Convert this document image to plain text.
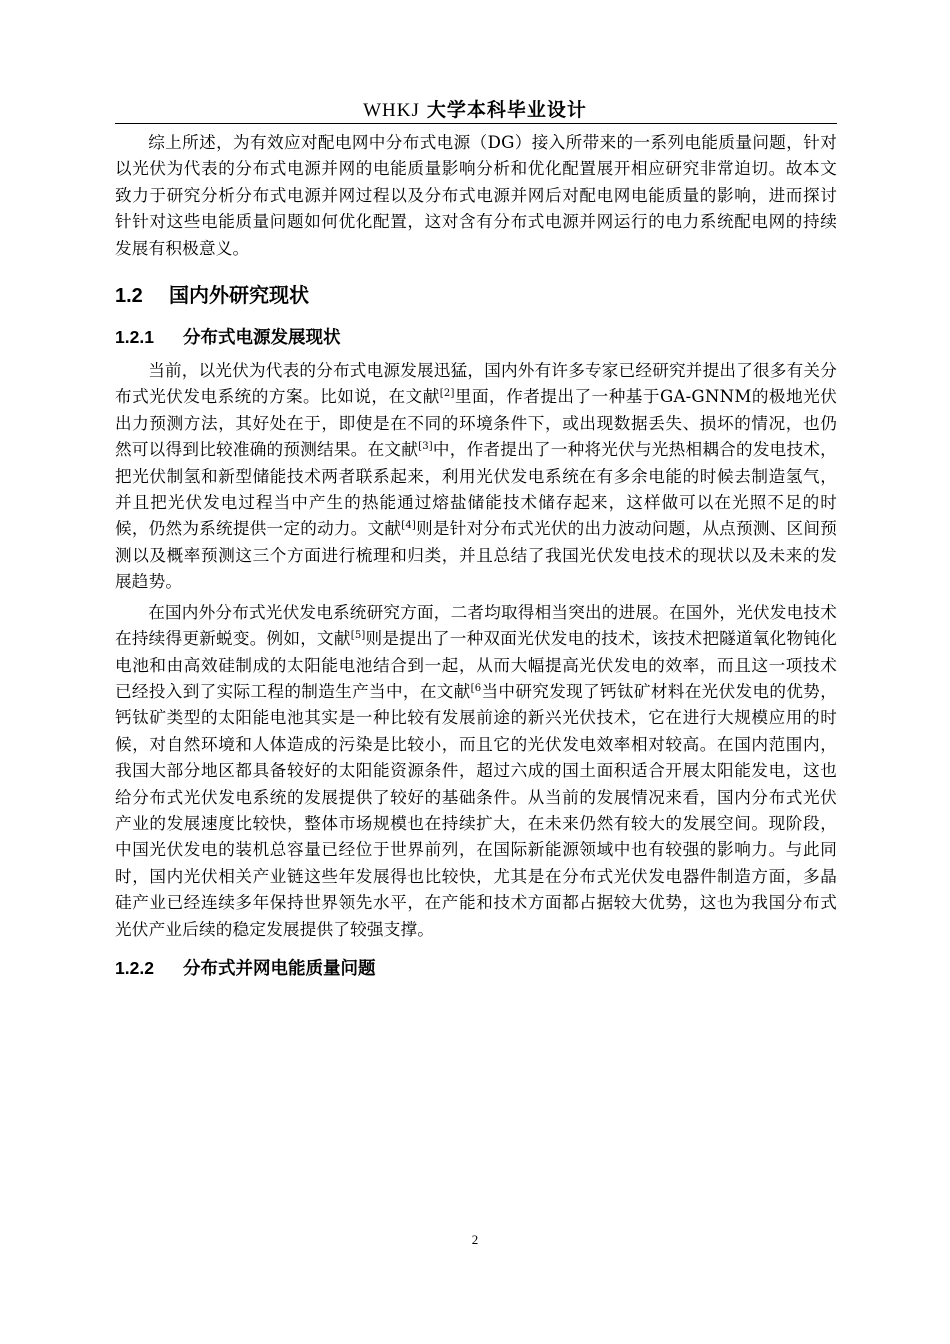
WHKJ 大学本科毕业设计

综上所述，为有效应对配电网中分布式电源（DG）接入所带来的一系列电能质量问题，针对以光伏为代表的分布式电源并网的电能质量影响分析和优化配置展开相应研究非常迫切。故本文致力于研究分析分布式电源并网过程以及分布式电源并网后对配电网电能质量的影响，进而探讨针针对这些电能质量问题如何优化配置，这对含有分布式电源并网运行的电力系统配电网的持续发展有积极意义。

1.2 国内外研究现状
1.2.1 分布式电源发展现状

当前，以光伏为代表的分布式电源发展迅猛，国内外有许多专家已经研究并提出了很多有关分布式光伏发电系统的方案。比如说，在文献[2]里面，作者提出了一种基于GA-GNNM的极地光伏出力预测方法，其好处在于，即使是在不同的环境条件下，或出现数据丢失、损坏的情况，也仍然可以得到比较准确的预测结果。在文献[3]中，作者提出了一种将光伏与光热相耦合的发电技术，把光伏制氢和新型储能技术两者联系起来，利用光伏发电系统在有多余电能的时候去制造氢气，并且把光伏发电过程当中产生的热能通过熔盐储能技术储存起来，这样做可以在光照不足的时候，仍然为系统提供一定的动力。文献[4]则是针对分布式光伏的出力波动问题，从点预测、区间预测以及概率预测这三个方面进行梳理和归类，并且总结了我国光伏发电技术的现状以及未来的发展趋势。

在国内外分布式光伏发电系统研究方面，二者均取得相当突出的进展。在国外，光伏发电技术在持续得更新蜕变。例如，文献[5]则是提出了一种双面光伏发电的技术，该技术把隧道氧化物钝化电池和由高效硅制成的太阳能电池结合到一起，从而大幅提高光伏发电的效率，而且这一项技术已经投入到了实际工程的制造生产当中，在文献$^{[6}$当中研究发现了钙钛矿材料在光伏发电的优势，钙钛矿类型的太阳能电池其实是一种比较有发展前途的新兴光伏技术，它在进行大规模应用的时候，对自然环境和人体造成的污染是比较小，而且它的光伏发电效率相对较高。在国内范围内，我国大部分地区都具备较好的太阳能资源条件，超过六成的国土面积适合开展太阳能发电，这也给分布式光伏发电系统的发展提供了较好的基础条件。从当前的发展情况来看，国内分布式光伏产业的发展速度比较快，整体市场规模也在持续扩大，在未来仍然有较大的发展空间。现阶段，中国光伏发电的装机总容量已经位于世界前列，在国际新能源领域中也有较强的影响力。与此同时，国内光伏相关产业链这些年发展得也比较快，尤其是在分布式光伏发电器件制造方面，多晶硅产业已经连续多年保持世界领先水平，在产能和技术方面都占据较大优势，这也为我国分布式光伏产业后续的稳定发展提供了较强支撑。

1.2.2 分布式并网电能质量问题
2
